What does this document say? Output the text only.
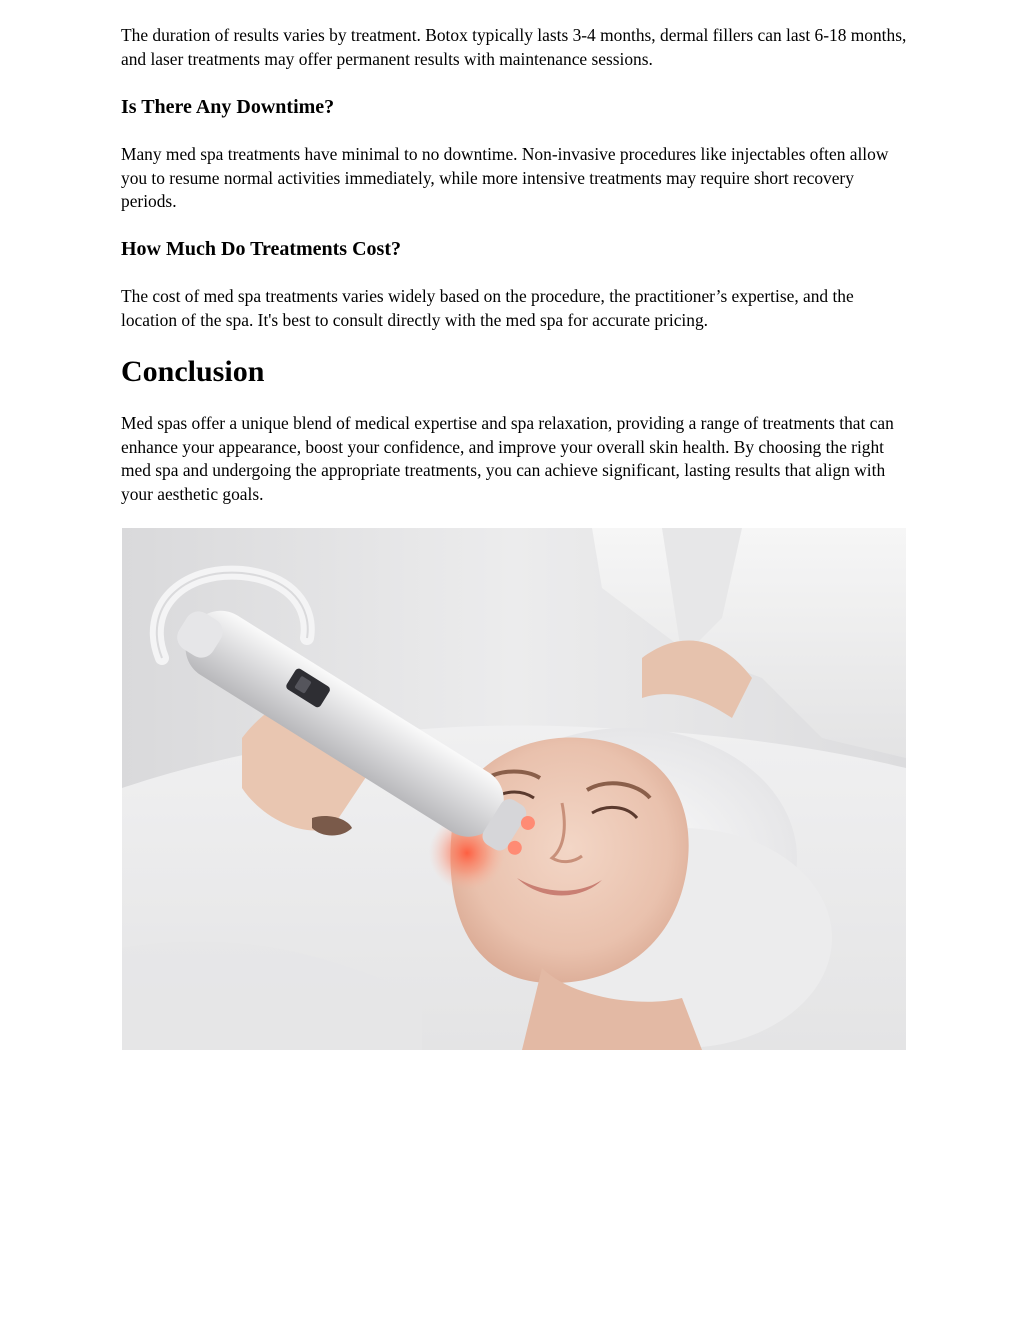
The duration of results varies by treatment. Botox typically lasts 3-4 months, dermal fillers can last 6-18 months, and laser treatments may offer permanent results with maintenance sessions.

Is There Any Downtime?

Many med spa treatments have minimal to no downtime. Non-invasive procedures like injectables often allow you to resume normal activities immediately, while more intensive treatments may require short recovery periods.

How Much Do Treatments Cost?

The cost of med spa treatments varies widely based on the procedure, the practitioner’s expertise, and the location of the spa. It's best to consult directly with the med spa for accurate pricing.

Conclusion

Med spas offer a unique blend of medical expertise and spa relaxation, providing a range of treatments that can enhance your appearance, boost your confidence, and improve your overall skin health. By choosing the right med spa and undergoing the appropriate treatments, you can achieve significant, lasting results that align with your aesthetic goals.
